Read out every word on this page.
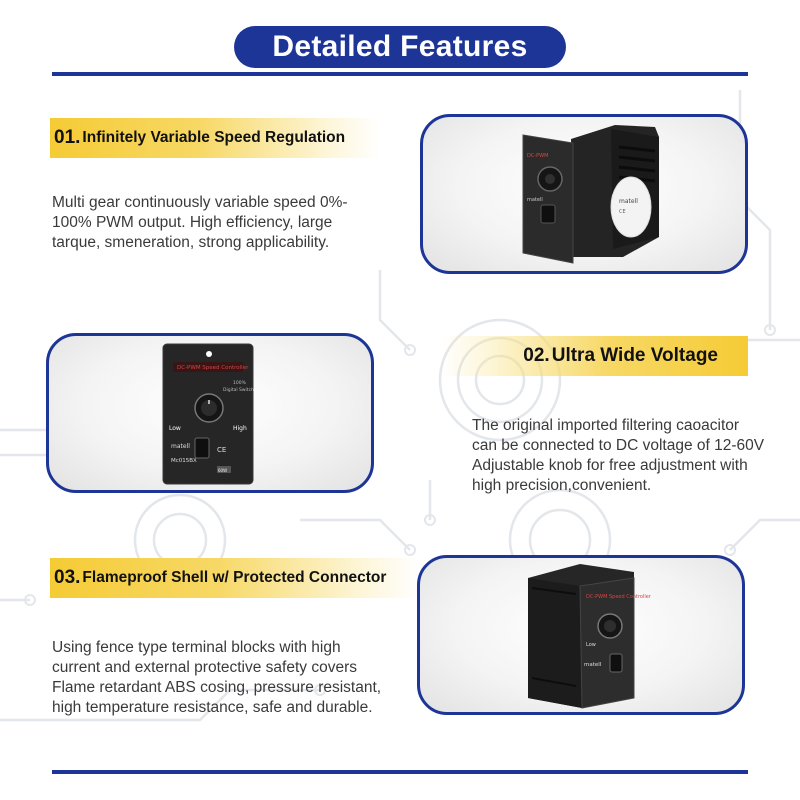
Detailed Features
01. Infinitely Variable Speed Regulation
Multi gear continuously variable speed 0%-
100% PWM output. High efficiency, large
tarque, smeneration, strong applicability.
DC-PWM
matell	matell
CE
DC-PWM Speed Controller
100%
Digital Switch
Low	High
matell
Mc015BX
CE
60W
02. Ultra Wide Voltage
The original imported filtering caoacitor
can be connected to DC voltage of 12-60V
Adjustable knob for free adjustment with
high precision,convenient.
03. Flameproof Shell w/ Protected Connector
Using fence type terminal blocks with high
current and external protective safety covers
Flame retardant ABS cosing, pressure resistant,
high temperature resistance, safe and durable.
DC-PWM Speed Controller
Low
matell
